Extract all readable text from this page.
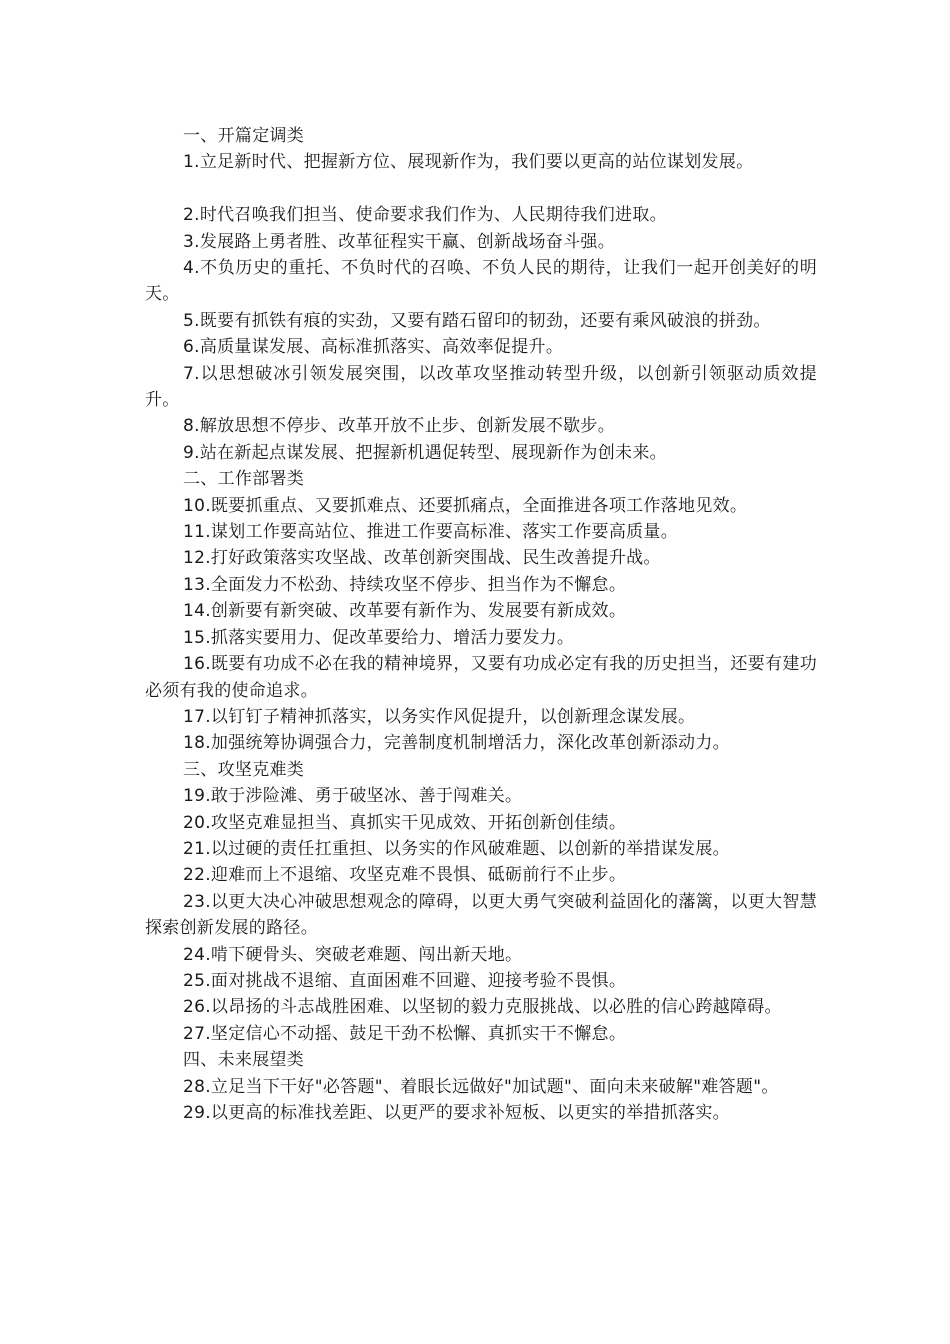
一、开篇定调类

1.立足新时代、把握新方位、展现新作为，我们要以更高的站位谋划发展。

2.时代召唤我们担当、使命要求我们作为、人民期待我们进取。

3.发展路上勇者胜、改革征程实干赢、创新战场奋斗强。

4.不负历史的重托、不负时代的召唤、不负人民的期待，让我们一起开创美好的明天。

5.既要有抓铁有痕的实劲，又要有踏石留印的韧劲，还要有乘风破浪的拼劲。

6.高质量谋发展、高标准抓落实、高效率促提升。

7.以思想破冰引领发展突围，以改革攻坚推动转型升级，以创新引领驱动质效提升。

8.解放思想不停步、改革开放不止步、创新发展不歇步。

9.站在新起点谋发展、把握新机遇促转型、展现新作为创未来。

二、工作部署类

10.既要抓重点、又要抓难点、还要抓痛点，全面推进各项工作落地见效。

11.谋划工作要高站位、推进工作要高标准、落实工作要高质量。

12.打好政策落实攻坚战、改革创新突围战、民生改善提升战。

13.全面发力不松劲、持续攻坚不停步、担当作为不懈怠。

14.创新要有新突破、改革要有新作为、发展要有新成效。

15.抓落实要用力、促改革要给力、增活力要发力。

16.既要有功成不必在我的精神境界，又要有功成必定有我的历史担当，还要有建功必须有我的使命追求。

17.以钉钉子精神抓落实，以务实作风促提升，以创新理念谋发展。

18.加强统筹协调强合力，完善制度机制增活力，深化改革创新添动力。

三、攻坚克难类

19.敢于涉险滩、勇于破坚冰、善于闯难关。

20.攻坚克难显担当、真抓实干见成效、开拓创新创佳绩。

21.以过硬的责任扛重担、以务实的作风破难题、以创新的举措谋发展。

22.迎难而上不退缩、攻坚克难不畏惧、砥砺前行不止步。

23.以更大决心冲破思想观念的障碍，以更大勇气突破利益固化的藩篱，以更大智慧探索创新发展的路径。

24.啃下硬骨头、突破老难题、闯出新天地。

25.面对挑战不退缩、直面困难不回避、迎接考验不畏惧。

26.以昂扬的斗志战胜困难、以坚韧的毅力克服挑战、以必胜的信心跨越障碍。

27.坚定信心不动摇、鼓足干劲不松懈、真抓实干不懈怠。

四、未来展望类

28.立足当下干好"必答题"、着眼长远做好"加试题"、面向未来破解"难答题"。

29.以更高的标准找差距、以更严的要求补短板、以更实的举措抓落实。
